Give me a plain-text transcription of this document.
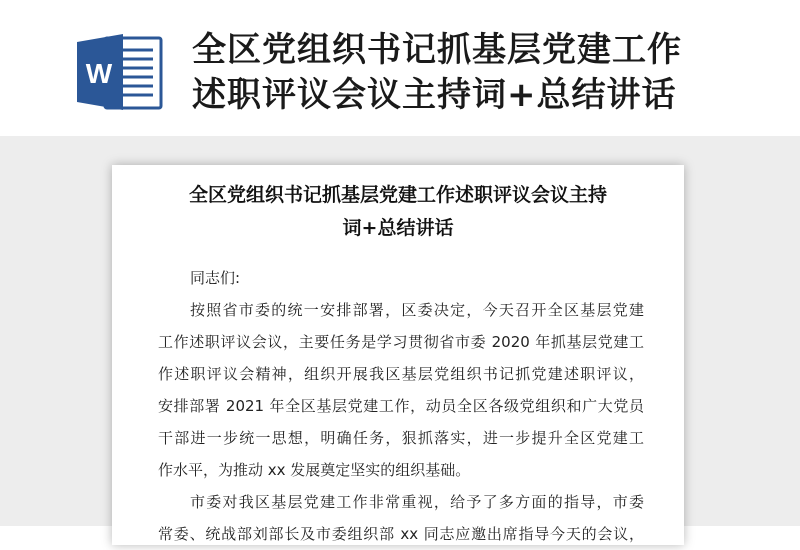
W
全区党组织书记抓基层党建工作
述职评议会议主持词+总结讲话
全区党组织书记抓基层党建工作述职评议会议主持
词+总结讲话
同志们:
按照省市委的统一安排部署，区委决定，今天召开全区基层党建
工作述职评议会议，主要任务是学习贯彻省市委 2020 年抓基层党建工
作述职评议会精神，组织开展我区基层党组织书记抓党建述职评议，
安排部署 2021 年全区基层党建工作，动员全区各级党组织和广大党员
干部进一步统一思想，明确任务，狠抓落实，进一步提升全区党建工
作水平，为推动 xx 发展奠定坚实的组织基础。
市委对我区基层党建工作非常重视，给予了多方面的指导，市委
常委、统战部刘部长及市委组织部 xx 同志应邀出席指导今天的会议，
